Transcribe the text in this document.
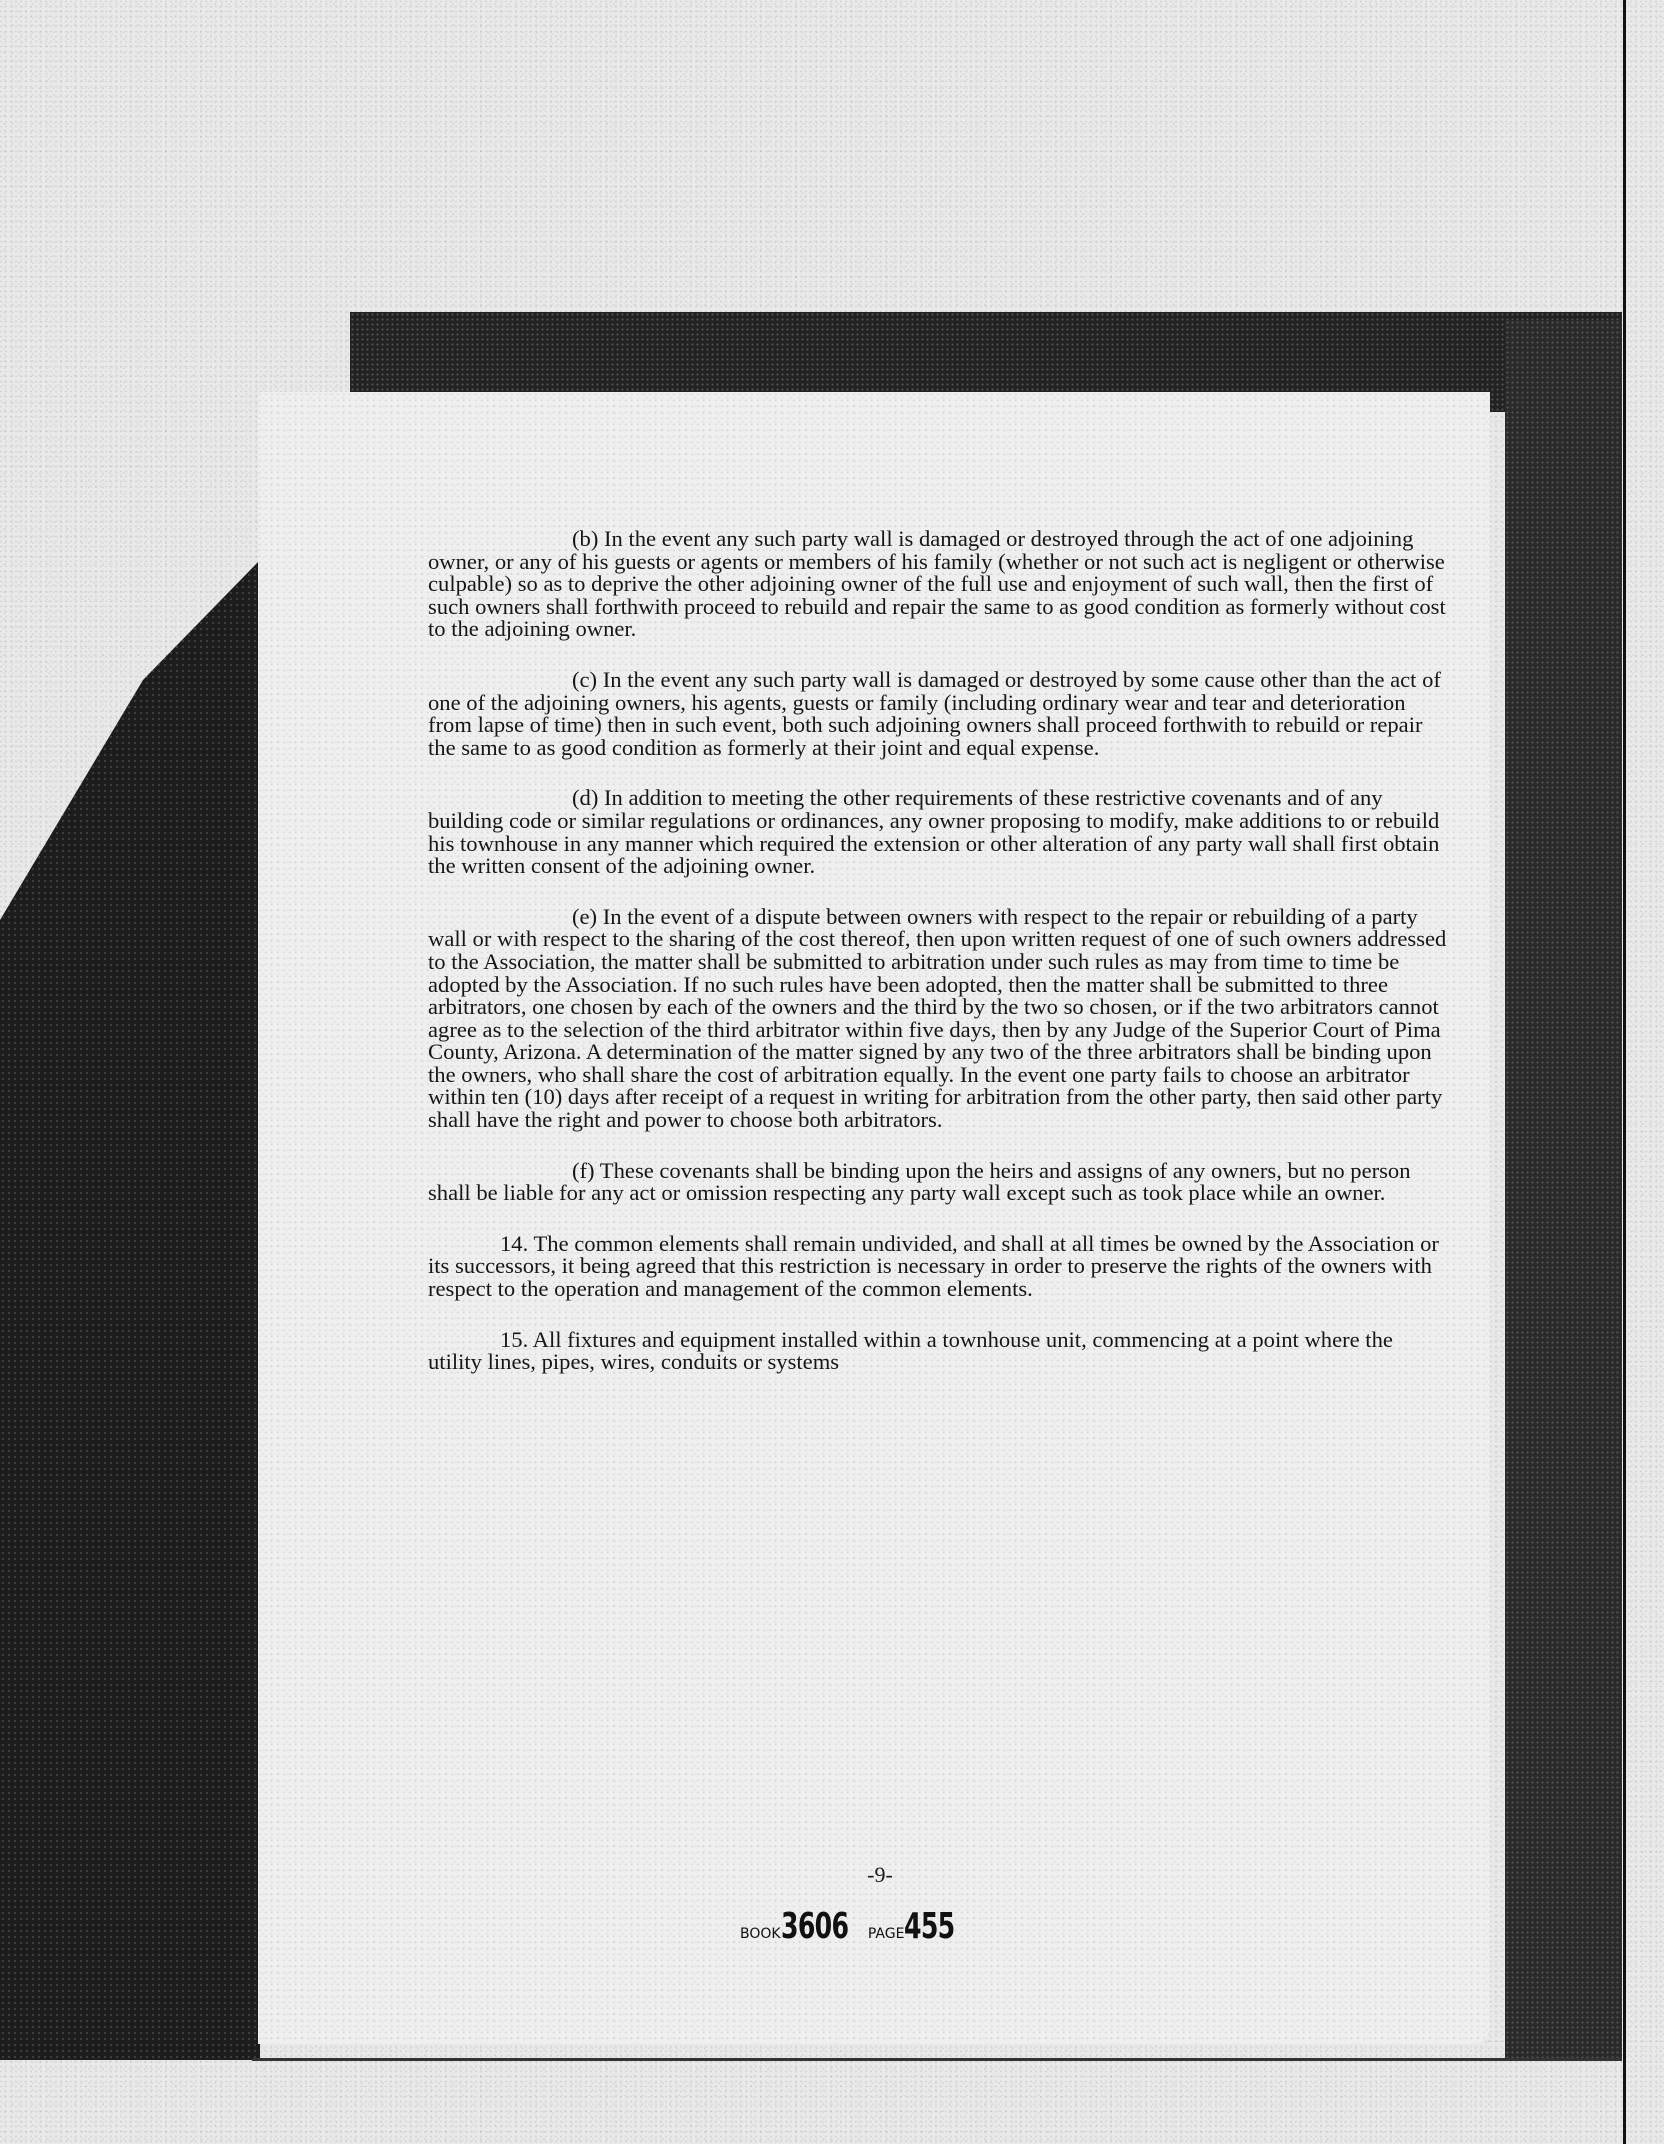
(b) In the event any such party wall is damaged or destroyed through the act of one adjoining owner, or any of his guests or agents or members of his family (whether or not such act is negligent or otherwise culpable) so as to deprive the other adjoining owner of the full use and enjoyment of such wall, then the first of such owners shall forthwith proceed to rebuild and repair the same to as good condition as formerly without cost to the adjoining owner.

(c) In the event any such party wall is damaged or destroyed by some cause other than the act of one of the adjoining owners, his agents, guests or family (including ordinary wear and tear and deterioration from lapse of time) then in such event, both such adjoining owners shall proceed forthwith to rebuild or repair the same to as good condition as formerly at their joint and equal expense.

(d) In addition to meeting the other requirements of these restrictive covenants and of any building code or similar regulations or ordinances, any owner proposing to modify, make additions to or rebuild his townhouse in any manner which required the extension or other alteration of any party wall shall first obtain the written consent of the adjoining owner.

(e) In the event of a dispute between owners with respect to the repair or rebuilding of a party wall or with respect to the sharing of the cost thereof, then upon written request of one of such owners addressed to the Association, the matter shall be submitted to arbitration under such rules as may from time to time be adopted by the Association. If no such rules have been adopted, then the matter shall be submitted to three arbitrators, one chosen by each of the owners and the third by the two so chosen, or if the two arbitrators cannot agree as to the selection of the third arbitrator within five days, then by any Judge of the Superior Court of Pima County, Arizona. A determination of the matter signed by any two of the three arbitrators shall be binding upon the owners, who shall share the cost of arbitration equally. In the event one party fails to choose an arbitrator within ten (10) days after receipt of a request in writing for arbitration from the other party, then said other party shall have the right and power to choose both arbitrators.

(f) These covenants shall be binding upon the heirs and assigns of any owners, but no person shall be liable for any act or omission respecting any party wall except such as took place while an owner.

14. The common elements shall remain undivided, and shall at all times be owned by the Association or its successors, it being agreed that this restriction is necessary in order to preserve the rights of the owners with respect to the operation and management of the common elements.

15. All fixtures and equipment installed within a townhouse unit, commencing at a point where the utility lines, pipes, wires, conduits or systems

-9-
BOOK3606 PAGE455
